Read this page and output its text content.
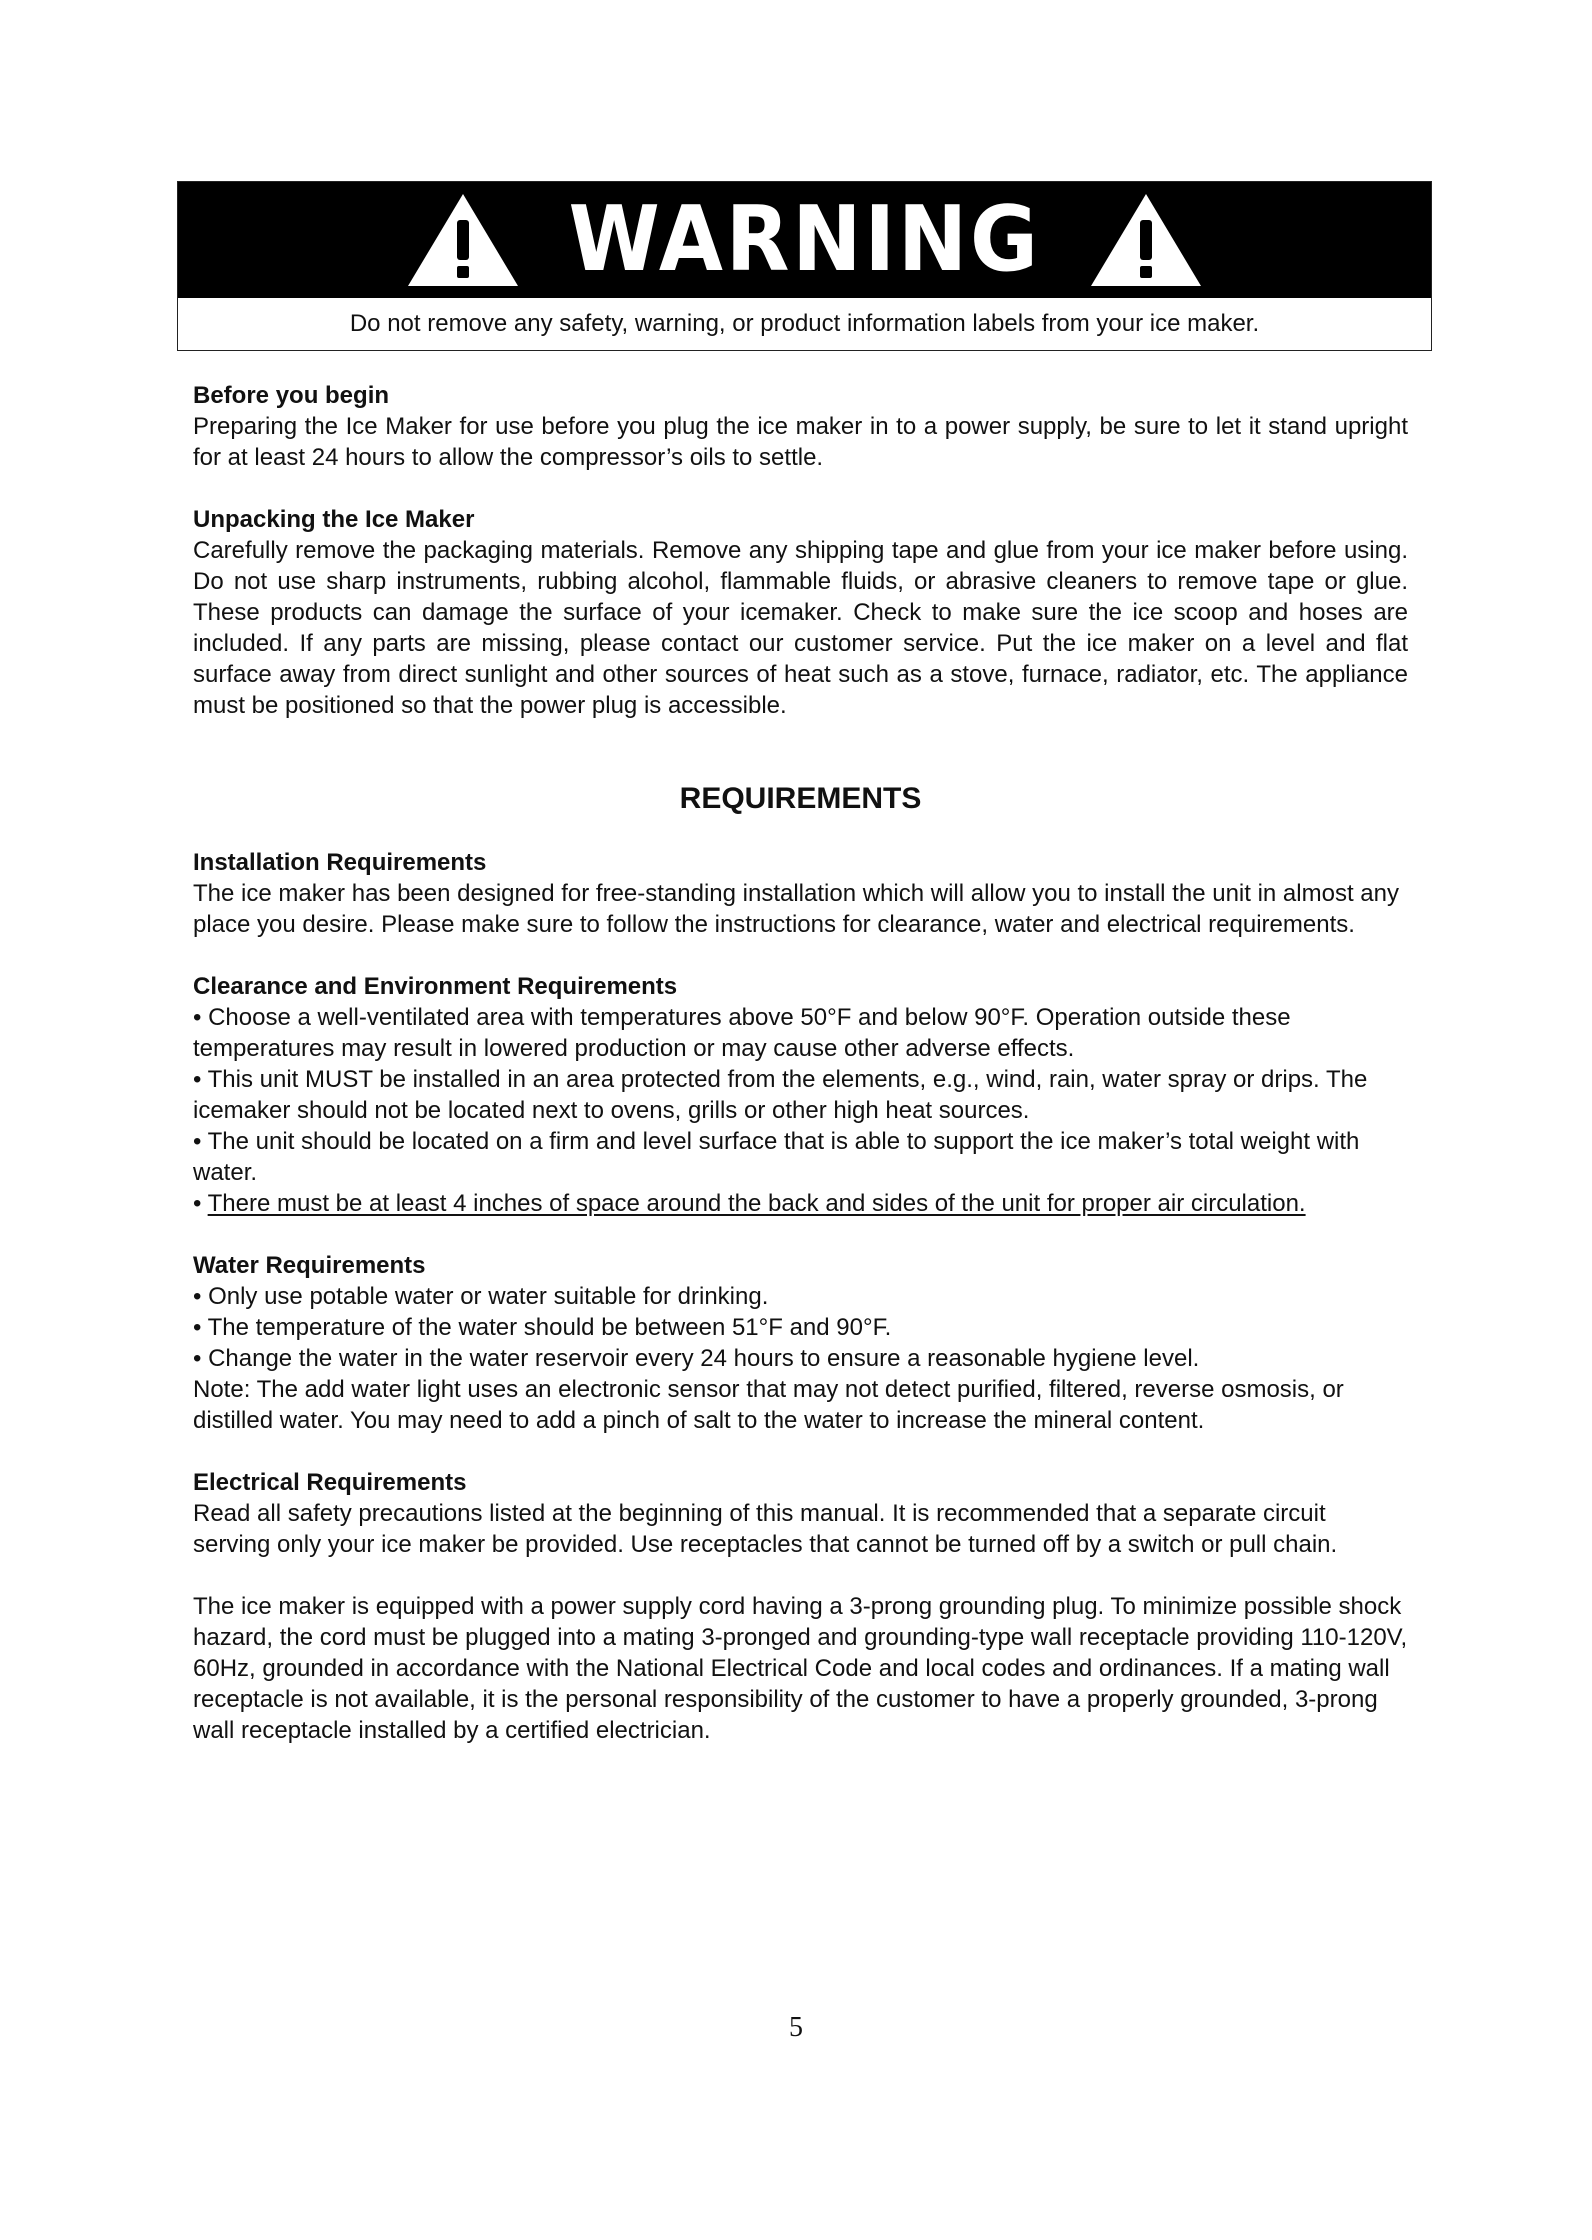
WARNING
Do not remove any safety, warning, or product information labels from your ice maker.
Before you begin

Preparing the Ice Maker for use before you plug the ice maker in to a power supply, be sure to let it stand upright for at least 24 hours to allow the compressor’s oils to settle.

Unpacking the Ice Maker

Carefully remove the packaging materials. Remove any shipping tape and glue from your ice maker before using. Do not use sharp instruments, rubbing alcohol, flammable fluids, or abrasive cleaners to remove tape or glue. These products can damage the surface of your icemaker. Check to make sure the ice scoop and hoses are included. If any parts are missing, please contact our customer service. Put the ice maker on a level and flat surface away from direct sunlight and other sources of heat such as a stove, furnace, radiator, etc. The appliance must be positioned so that the power plug is accessible.

REQUIREMENTS
Installation Requirements

The ice maker has been designed for free-standing installation which will allow you to install the unit in almost any place you desire. Please make sure to follow the instructions for clearance, water and electrical requirements.

Clearance and Environment Requirements
• Choose a well-ventilated area with temperatures above 50°F and below 90°F. Operation outside these temperatures may result in lowered production or may cause other adverse effects.
• This unit MUST be installed in an area protected from the elements, e.g., wind, rain, water spray or drips. The icemaker should not be located next to ovens, grills or other high heat sources.
• The unit should be located on a firm and level surface that is able to support the ice maker’s total weight with water.
• There must be at least 4 inches of space around the back and sides of the unit for proper air circulation.
Water Requirements
• Only use potable water or water suitable for drinking.
• The temperature of the water should be between 51°F and 90°F.
• Change the water in the water reservoir every 24 hours to ensure a reasonable hygiene level.

Note: The add water light uses an electronic sensor that may not detect purified, filtered, reverse osmosis, or distilled water. You may need to add a pinch of salt to the water to increase the mineral content.

Electrical Requirements

Read all safety precautions listed at the beginning of this manual. It is recommended that a separate circuit serving only your ice maker be provided. Use receptacles that cannot be turned off by a switch or pull chain.

The ice maker is equipped with a power supply cord having a 3-prong grounding plug. To minimize possible shock hazard, the cord must be plugged into a mating 3-pronged and grounding-type wall receptacle providing 110-120V, 60Hz, grounded in accordance with the National Electrical Code and local codes and ordinances. If a mating wall receptacle is not available, it is the personal responsibility of the customer to have a properly grounded, 3-prong wall receptacle installed by a certified electrician.

5
